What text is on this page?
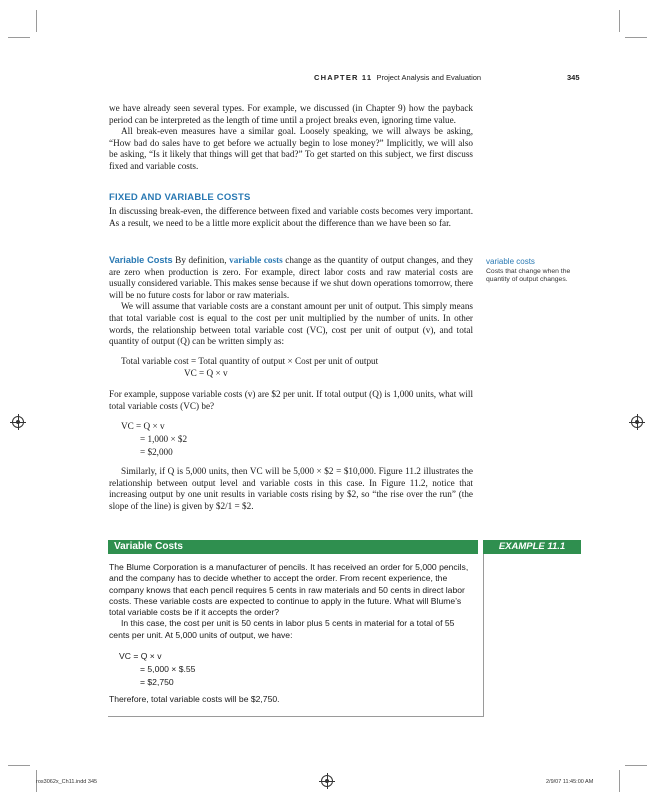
CHAPTER 11 Project Analysis and Evaluation	345

we have already seen several types. For example, we discussed (in Chapter 9) how the payback period can be interpreted as the length of time until a project breaks even, ignoring time value.

All break-even measures have a similar goal. Loosely speaking, we will always be asking, “How bad do sales have to get before we actually begin to lose money?” Implicitly, we will also be asking, “Is it likely that things will get that bad?” To get started on this subject, we first discuss fixed and variable costs.

FIXED AND VARIABLE COSTS

In discussing break-even, the difference between fixed and variable costs becomes very important. As a result, we need to be a little more explicit about the difference than we have been so far.

Variable Costs By definition, variable costs change as the quantity of output changes, and they are zero when production is zero. For example, direct labor costs and raw material costs are usually considered variable. This makes sense because if we shut down operations tomorrow, there will be no future costs for labor or raw materials.

We will assume that variable costs are a constant amount per unit of output. This simply means that total variable cost is equal to the cost per unit multiplied by the number of units. In other words, the relationship between total variable cost (VC), cost per unit of output (v), and total quantity of output (Q) can be written simply as:

Total variable cost = Total quantity of output × Cost per unit of output
VC = Q × v

For example, suppose variable costs (v) are $2 per unit. If total output (Q) is 1,000 units, what will total variable costs (VC) be?

VC = Q × v
= 1,000 × $2
= $2,000

Similarly, if Q is 5,000 units, then VC will be 5,000 × $2 = $10,000. Figure 11.2 illustrates the relationship between output level and variable costs in this case. In Figure 11.2, notice that increasing output by one unit results in variable costs rising by $2, so “the rise over the run” (the slope of the line) is given by $2/1 = $2.

variable costs
Costs that change when the quantity of output changes.
Variable Costs	EXAMPLE 11.1

The Blume Corporation is a manufacturer of pencils. It has received an order for 5,000 pencils, and the company has to decide whether to accept the order. From recent experience, the company knows that each pencil requires 5 cents in raw materials and 50 cents in direct labor costs. These variable costs are expected to continue to apply in the future. What will Blume’s total variable costs be if it accepts the order?

In this case, the cost per unit is 50 cents in labor plus 5 cents in material for a total of 55 cents per unit. At 5,000 units of output, we have:

VC = Q × v
= 5,000 × $.55
= $2,750
Therefore, total variable costs will be $2,750.
ros3062x_Ch11.indd 345	2/9/07 11:45:00 AM
